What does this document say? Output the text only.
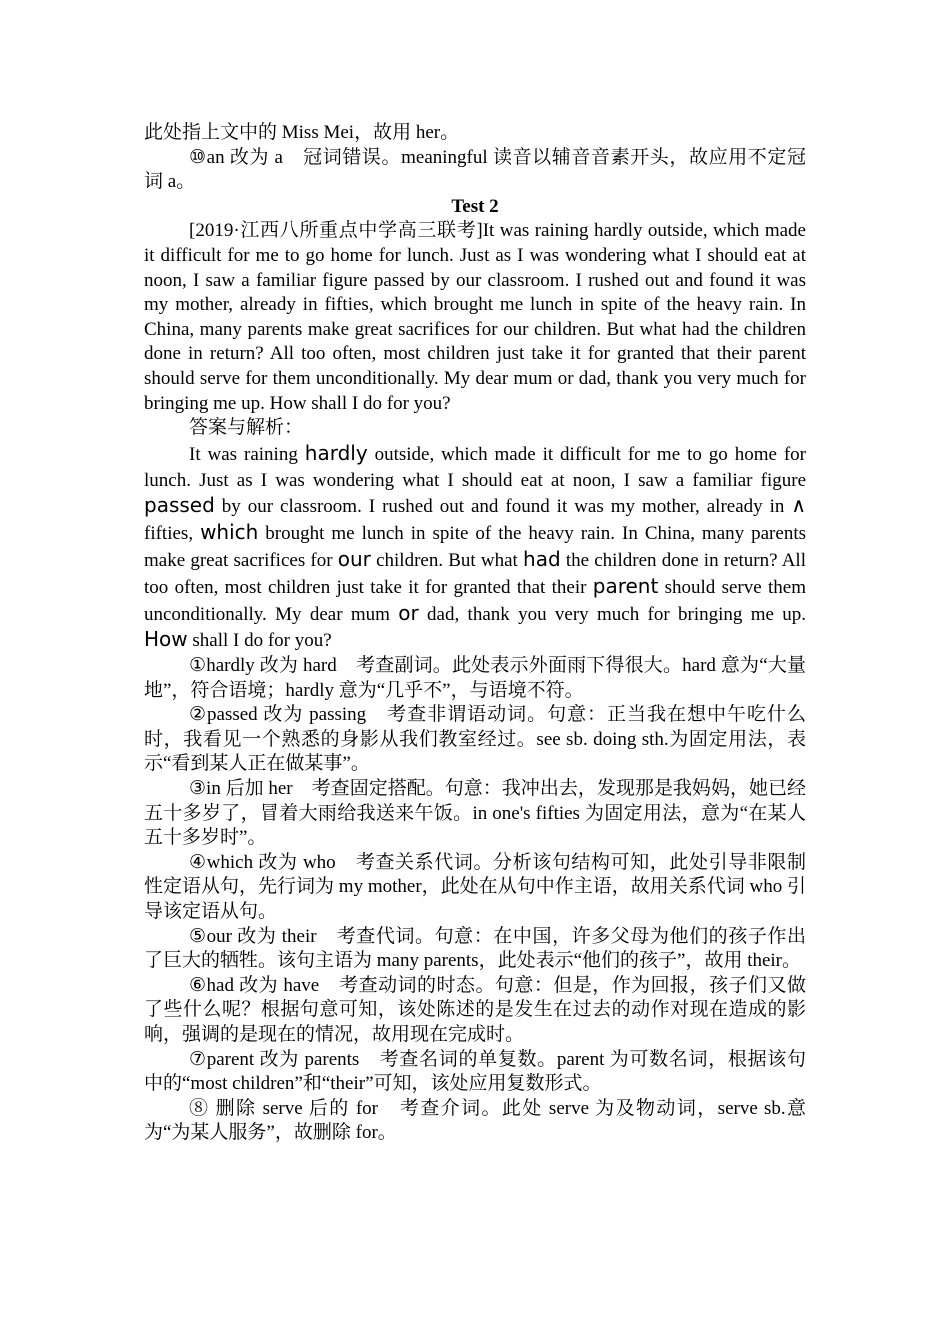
此处指上文中的 Miss Mei，故用 her。

⑩an 改为 a　冠词错误。meaningful 读音以辅音音素开头，故应用不定冠词 a。

Test 2

[2019·江西八所重点中学高三联考]It was raining hardly outside, which made it difficult for me to go home for lunch. Just as I was wondering what I should eat at noon, I saw a familiar figure passed by our classroom. I rushed out and found it was my mother, already in fifties, which brought me lunch in spite of the heavy rain. In China, many parents make great sacrifices for our children. But what had the children done in return? All too often, most children just take it for granted that their parent should serve for them unconditionally. My dear mum or dad, thank you very much for bringing me up. How shall I do for you?

答案与解析：

It was raining hardly outside, which made it difficult for me to go home for lunch. Just as I was wondering what I should eat at noon, I saw a familiar figure passed by our classroom. I rushed out and found it was my mother, already in ∧ fifties, which brought me lunch in spite of the heavy rain. In China, many parents make great sacrifices for our children. But what had the children done in return? All too often, most children just take it for granted that their parent should serve them unconditionally. My dear mum or dad, thank you very much for bringing me up. How shall I do for you?

①hardly 改为 hard　考查副词。此处表示外面雨下得很大。hard 意为“大量地”，符合语境；hardly 意为“几乎不”，与语境不符。

②passed 改为 passing　考查非谓语动词。句意：正当我在想中午吃什么时，我看见一个熟悉的身影从我们教室经过。see sb. doing sth.为固定用法，表示“看到某人正在做某事”。

③in 后加 her　考查固定搭配。句意：我冲出去，发现那是我妈妈，她已经五十多岁了，冒着大雨给我送来午饭。in one's fifties 为固定用法，意为“在某人五十多岁时”。

④which 改为 who　考查关系代词。分析该句结构可知，此处引导非限制性定语从句，先行词为 my mother，此处在从句中作主语，故用关系代词 who 引导该定语从句。

⑤our 改为 their　考查代词。句意：在中国，许多父母为他们的孩子作出了巨大的牺牲。该句主语为 many parents，此处表示“他们的孩子”，故用 their。

⑥had 改为 have　考查动词的时态。句意：但是，作为回报，孩子们又做了些什么呢？根据句意可知，该处陈述的是发生在过去的动作对现在造成的影响，强调的是现在的情况，故用现在完成时。

⑦parent 改为 parents　考查名词的单复数。parent 为可数名词，根据该句中的“most children”和“their”可知，该处应用复数形式。

⑧ 删除 serve 后的 for　考查介词。此处 serve 为及物动词，serve sb.意为“为某人服务”，故删除 for。
